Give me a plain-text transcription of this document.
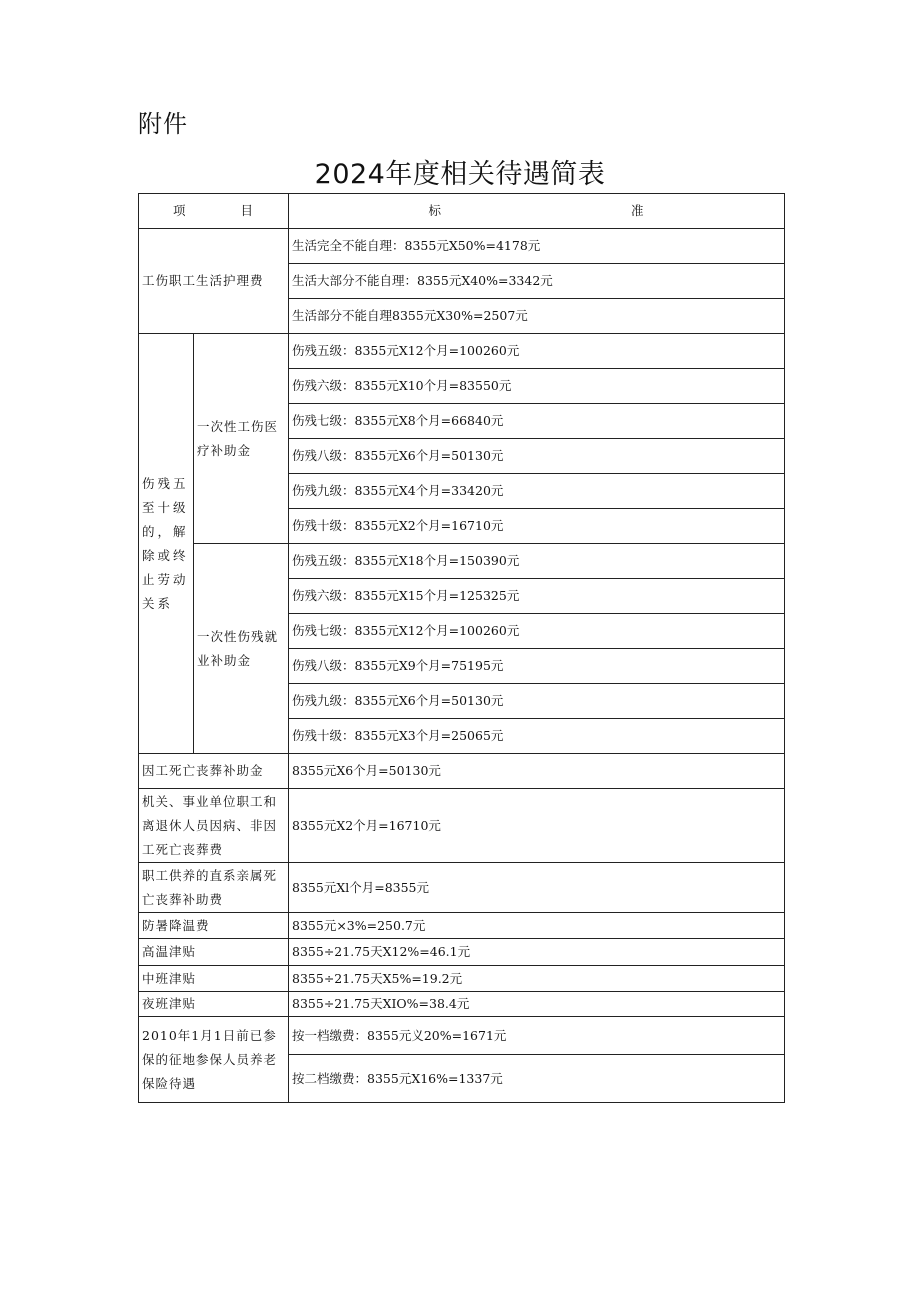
附件
2024年度相关待遇简表
项　　　　目		标　　　　　　　　　　　　　　准
工伤职工生活护理费		生活完全不能自理：8355元X50%=4178元
		生活大部分不能自理：8355元X40%=3342元
		生活部分不能自理8355元X30%=2507元
伤残五至十级的，解除或终止劳动关系	一次性工伤医疗补助金	伤残五级：8355元X12个月=100260元
		伤残六级：8355元X10个月=83550元
		伤残七级：8355元X8个月=66840元
		伤残八级：8355元X6个月=50130元
		伤残九级：8355元X4个月=33420元
		伤残十级：8355元X2个月=16710元
	一次性伤残就业补助金	伤残五级：8355元X18个月=150390元
		伤残六级：8355元X15个月=125325元
		伤残七级：8355元X12个月=100260元
		伤残八级：8355元X9个月=75195元
		伤残九级：8355元X6个月=50130元
		伤残十级：8355元X3个月=25065元
因工死亡丧葬补助金		8355元X6个月=50130元
机关、事业单位职工和离退休人员因病、非因工死亡丧葬费		8355元X2个月=16710元
职工供养的直系亲属死亡丧葬补助费		8355元Xl个月=8355元
防暑降温费		8355元×3%=250.7元
高温津贴		8355÷21.75天X12%=46.1元
中班津贴		8355÷21.75天X5%=19.2元
夜班津贴		8355÷21.75天XIO%=38.4元
2010年1月1日前已参保的征地参保人员养老保险待遇		按一档缴费：8355元义20%=1671元
		按二档缴费：8355元X16%=1337元
